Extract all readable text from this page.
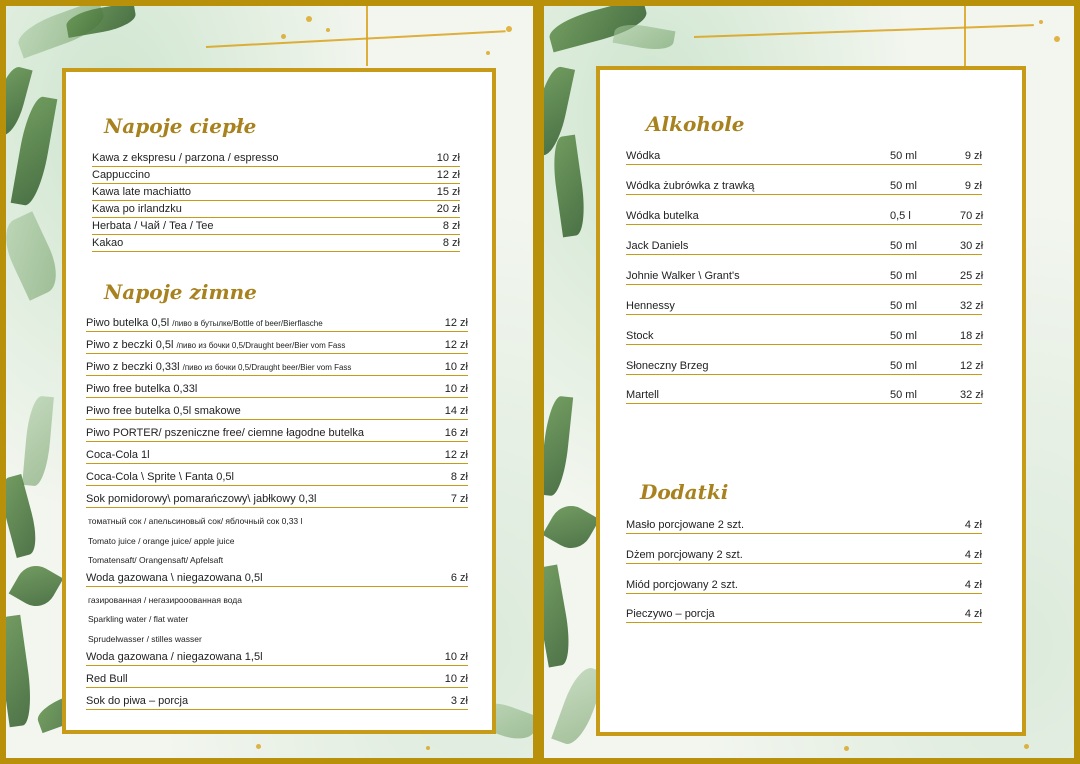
Napoje ciepłe
Kawa z ekspresu / parzona / espresso	10 zł
Cappuccino	12 zł
Kawa late machiatto	15 zł
Kawa po irlandzku	20 zł
Herbata / Чай / Tea / Tee	8 zł
Kakao	8 zł
Napoje zimne
Piwo butelka 0,5l /пиво в бутылке/Bottle of beer/Bierflasche	12 zł
Piwo z beczki 0,5l /пиво из бочки 0,5/Draught beer/Bier vom Fass	12 zł
Piwo z beczki 0,33l /пиво из бочки 0,5/Draught beer/Bier vom Fass	10 zł
Piwo free butelka 0,33l	10 zł
Piwo free butelka 0,5l smakowe	14 zł
Piwo PORTER/ pszeniczne free/ ciemne łagodne butelka	16 zł
Coca-Cola 1l	12 zł
Coca-Cola \ Sprite \ Fanta 0,5l	8 zł
Sok pomidorowy\ pomarańczowy\ jabłkowy 0,3l	7 zł
томатный сок / апельсиновый сок/ яблочный сок 0,33 l
Tomato juice / orange juice/ apple juice
Tomatensaft/ Orangensaft/ Apfelsaft
Woda gazowana \ niegazowana 0,5l	6 zł
газированная / негазирооованная вода
Sparkling water / flat water
Sprudelwasser / stilles wasser
Woda gazowana / niegazowana 1,5l	10 zł
Red Bull	10 zł
Sok do piwa – porcja	3 zł
Alkohole
Wódka	50 ml	9 zł
Wódka żubrówka z trawką	50 ml	9 zł
Wódka butelka	0,5 l	70 zł
Jack Daniels	50 ml	30 zł
Johnie Walker \ Grant's	50 ml	25 zł
Hennessy	50 ml	32 zł
Stock	50 ml	18 zł
Słoneczny Brzeg	50 ml	12 zł
Martell	50 ml	32 zł
Dodatki
Masło porcjowane 2 szt.	4 zł
Dżem porcjowany 2 szt.	4 zł
Miód porcjowany 2 szt.	4 zł
Pieczywo – porcja	4 zł
